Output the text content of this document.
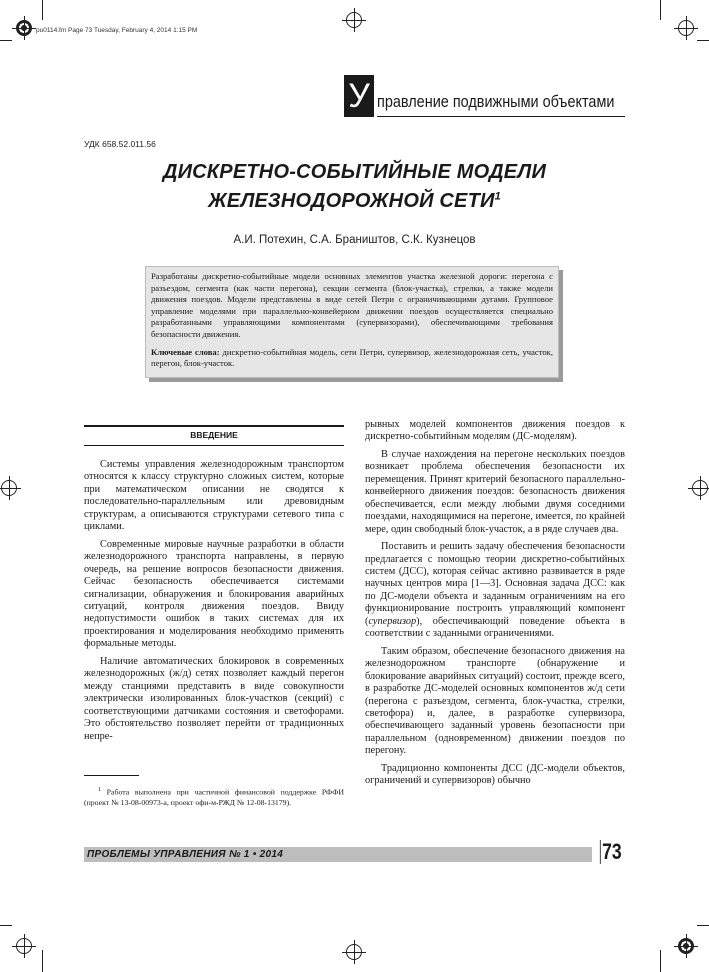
pu0114.fm Page 73 Tuesday, February 4, 2014 1:15 PM
У правление подвижными объектами
УДК 658.52.011.56
ДИСКРЕТНО-СОБЫТИЙНЫЕ МОДЕЛИ
ЖЕЛЕЗНОДОРОЖНОЙ СЕТИ$^1$
А.И. Потехин, С.А. Браништов, С.К. Кузнецов

Разработаны дискретно-событийные модели основных элементов участка железной дороги: перегона с разъездом, сегмента (как части перегона), секции сегмента (блок-участка), стрелки, а также модели движения поездов. Модели представлены в виде сетей Петри с ограничивающими дугами. Групповое управление моделями при параллельно-конвейерном движении поездов осуществляется специально разработанными управляющими компонентами (супервизорами), обеспечивающими требования безопасности движения.

Ключевые слова: дискретно-событийная модель, сети Петри, супервизор, железнодорожная сеть, участок, перегон, блок-участок.

ВВЕДЕНИЕ

Системы управления железнодорожным транспортом относятся к классу структурно сложных систем, которые при математическом описании не сводятся к последовательно-параллельным или древовидным структурам, а описываются структурами сетевого типа с циклами.

Современные мировые научные разработки в области железнодорожного транспорта направлены, в первую очередь, на решение вопросов безопасности движения. Сейчас безопасность обеспечивается системами сигнализации, обнаружения и блокирования аварийных ситуаций, контроля движения поездов. Ввиду недопустимости ошибок в таких системах для их проектирования и моделирования необходимо применять формальные методы.

Наличие автоматических блокировок в современных железнодорожных (ж/д) сетях позволяет каждый перегон между станциями представить в виде совокупности электрически изолированных блок-участков (секций) с соответствующими датчиками состояния и светофорами. Это обстоятельство позволяет перейти от традиционных непре-

$^1$ Работа выполнена при частичной финансовой поддержке РФФИ (проект № 13-08-00973-а, проект офи-м-РЖД № 12-08-13179).

рывных моделей компонентов движения поездов к дискретно-событийным моделям (ДС-моделям).

В случае нахождения на перегоне нескольких поездов возникает проблема обеспечения безопасности их перемещения. Принят критерий безопасного параллельно-конвейерного движения поездов: безопасность движения обеспечивается, если между любыми двумя соседними поездами, находящимися на перегоне, имеется, по крайней мере, один свободный блок-участок, а в ряде случаев два.

Поставить и решить задачу обеспечения безопасности предлагается с помощью теории дискретно-событийных систем (ДСС), которая сейчас активно развивается в ряде научных центров мира [1—3]. Основная задача ДСС: как по ДС-модели объекта и заданным ограничениям на его функционирование построить управляющий компонент (супервизор), обеспечивающий поведение объекта в соответствии с заданными ограничениями.

Таким образом, обеспечение безопасного движения на железнодорожном транспорте (обнаружение и блокирование аварийных ситуаций) состоит, прежде всего, в разработке ДС-моделей основных компонентов ж/д сети (перегона с разъездом, сегмента, блок-участка, стрелки, светофора) и, далее, в разработке супервизора, обеспечивающего заданный уровень безопасности при параллельном (одновременном) движении поездов по перегону.

Традиционно компоненты ДСС (ДС-модели объектов, ограничений и супервизоров) обычно

ПРОБЛЕМЫ УПРАВЛЕНИЯ № 1 • 2014	73
